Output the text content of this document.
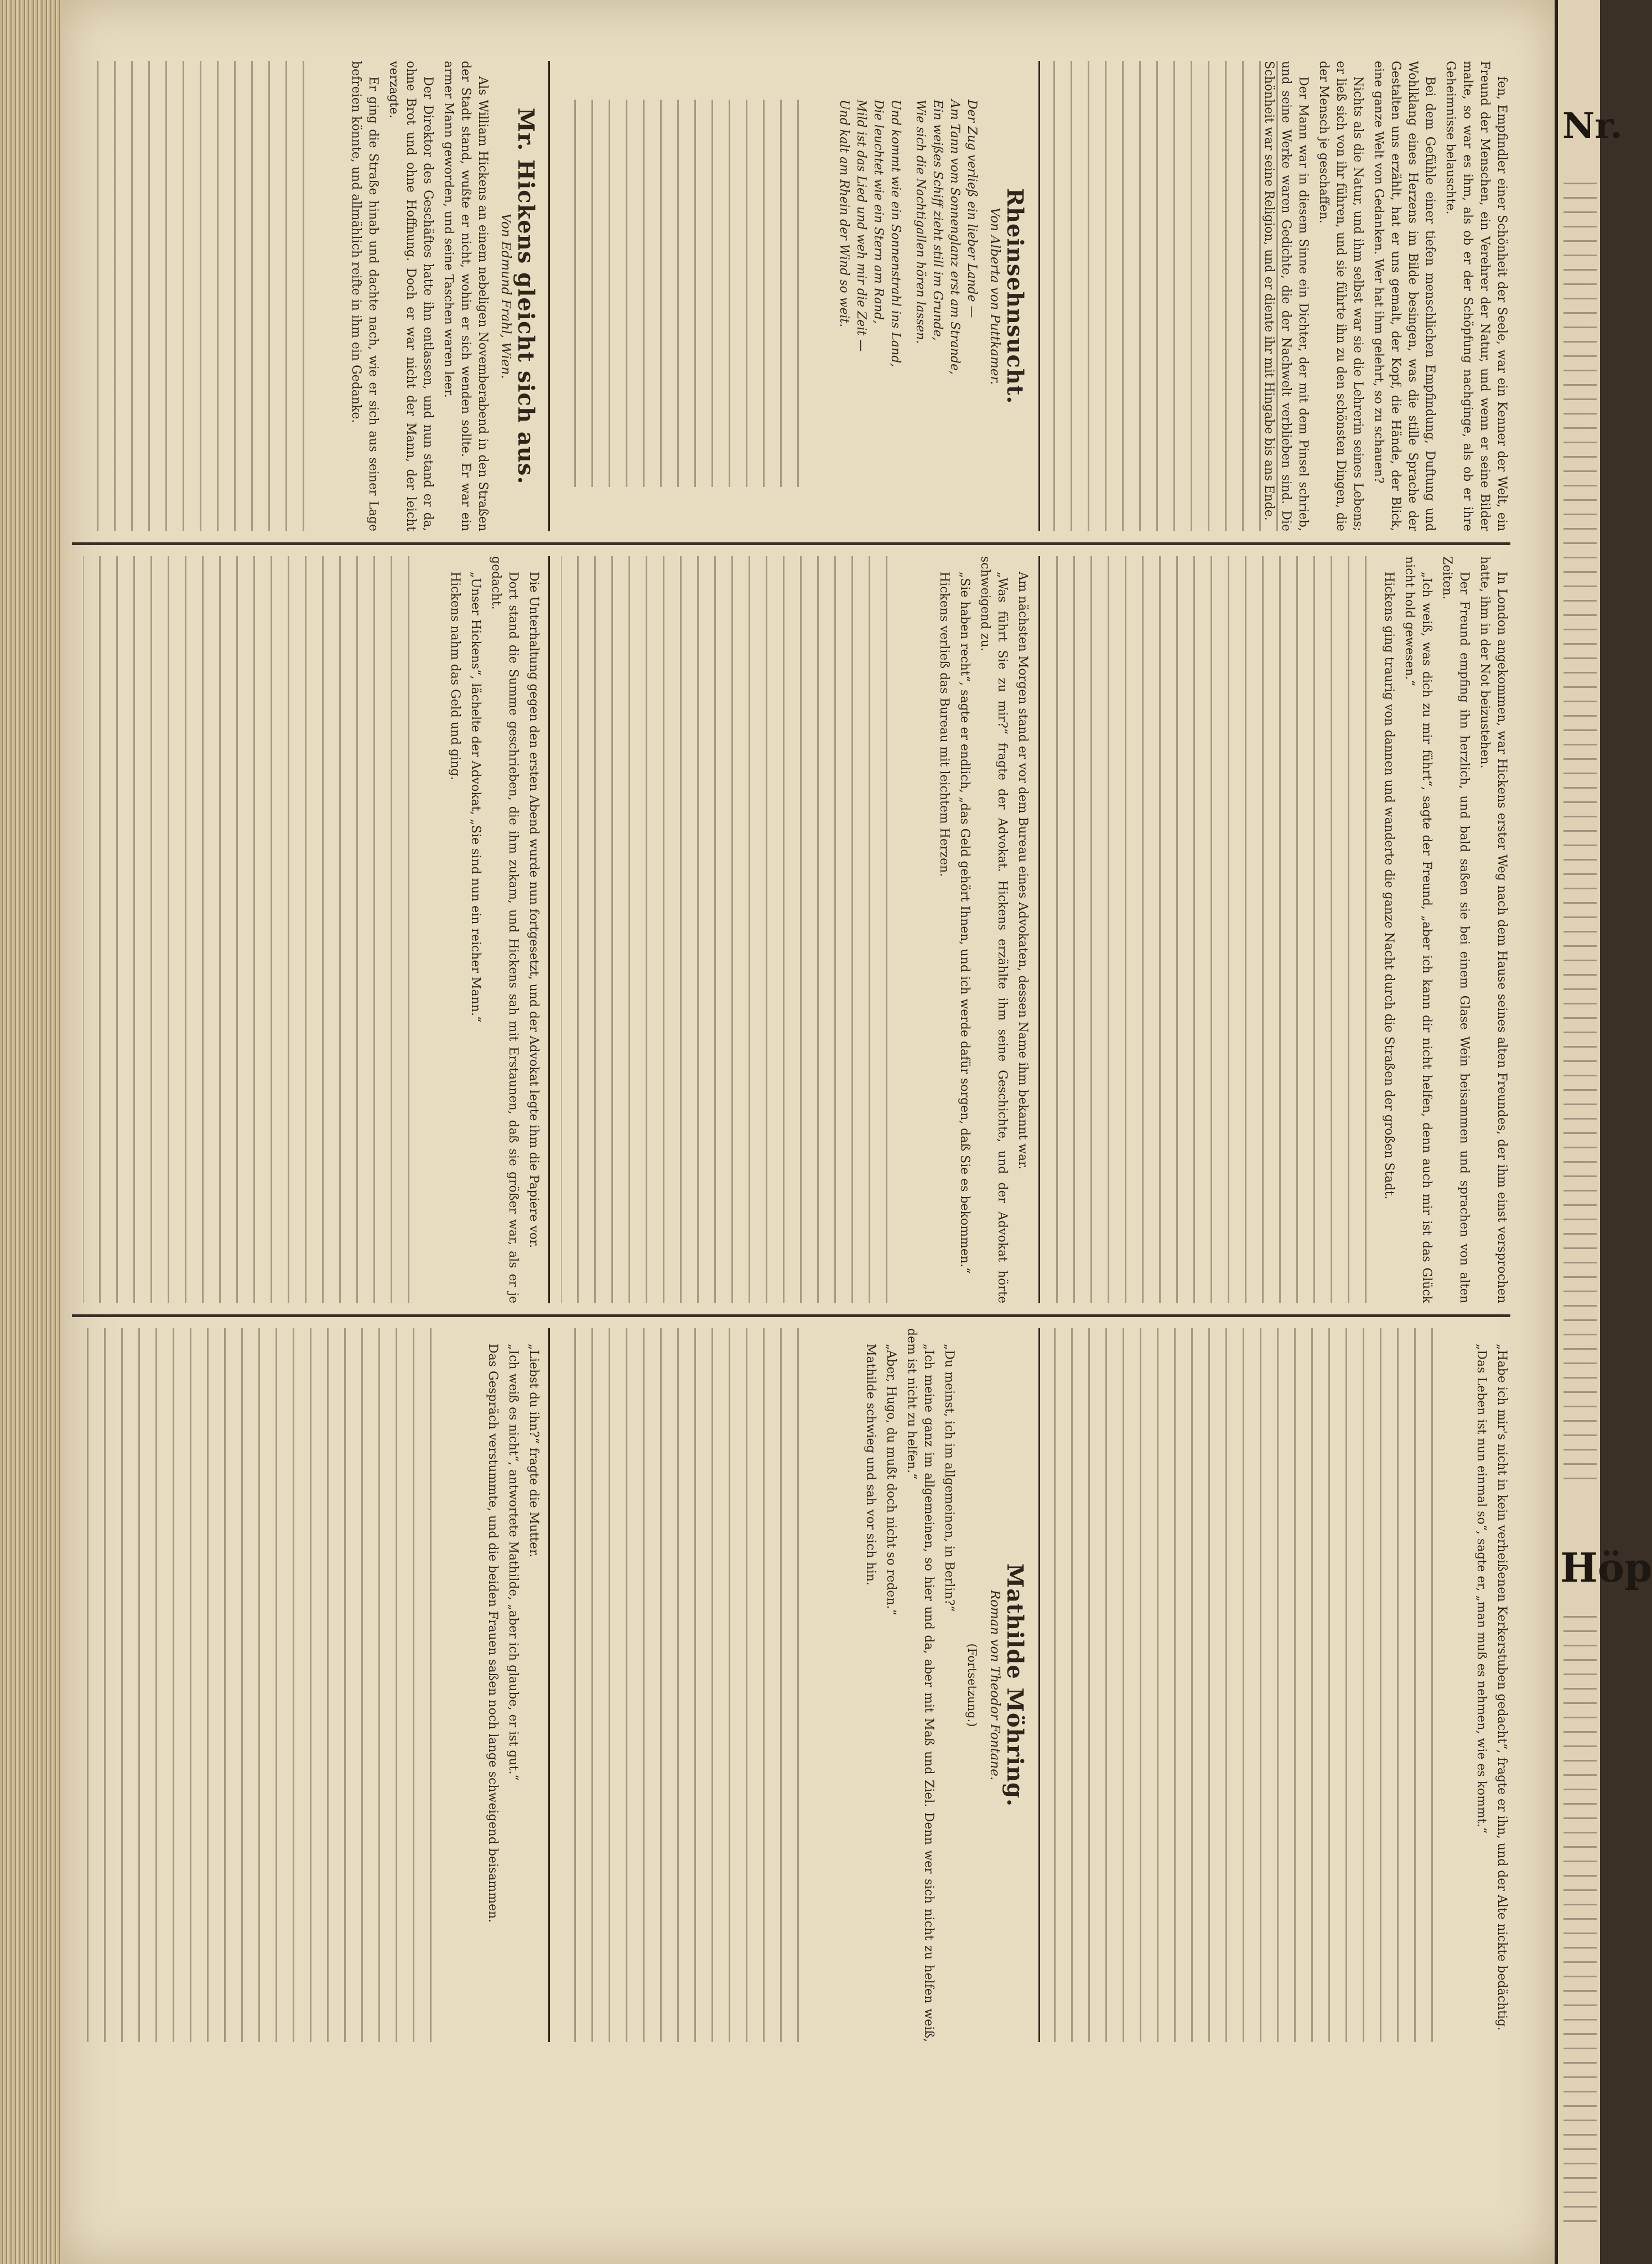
fen, Empfindler einer Schönheit der Seele, war ein Kenner der Welt, ein Freund der Menschen, ein Verehrer der Natur, und wenn er seine Bilder malte, so war es ihm, als ob er der Schöpfung nachginge, als ob er ihre Geheimnisse belauschte.

Bei dem Gefühle einer tiefen menschlichen Empfindung, Duftung und Wohlklang eines Herzens im Bilde besingen, was die stille Sprache der Gestalten uns erzählt, hat er uns gemalt, der Kopf, die Hände, der Blick, eine ganze Welt von Gedanken. Wer hat ihm gelehrt, so zu schauen?

Nichts als die Natur, und ihm selbst war sie die Lehrerin seines Lebens; er ließ sich von ihr führen, und sie führte ihn zu den schönsten Dingen, die der Mensch je geschaffen.

Der Mann war in diesem Sinne ein Dichter, der mit dem Pinsel schrieb, und seine Werke waren Gedichte, die der Nachwelt verblieben sind. Die Schönheit war seine Religion, und er diente ihr mit Hingabe bis ans Ende.

Rheinsehnsucht.
Von Alberta von Puttkamer.

Der Zug verließ ein lieber Lande —

Am Tann vom Sonnenglanz erst am Strande,

Ein weißes Schiff zieht still im Grunde,

Wie sich die Nachtigallen hören lassen.

Und kommt wie ein Sonnenstrahl ins Land,

Die leuchtet wie ein Stern am Rand,

Mild ist das Lied und weh mir die Zeit —

Und kalt am Rhein der Wind so weit.

Mr. Hickens gleicht sich aus.
Von Edmund Frahl, Wien.

Als William Hickens an einem nebeligen Novemberabend in den Straßen der Stadt stand, wußte er nicht, wohin er sich wenden sollte. Er war ein armer Mann geworden, und seine Taschen waren leer.

Der Direktor des Geschäftes hatte ihn entlassen, und nun stand er da, ohne Brot und ohne Hoffnung. Doch er war nicht der Mann, der leicht verzagte.

Er ging die Straße hinab und dachte nach, wie er sich aus seiner Lage befreien könnte, und allmählich reifte in ihm ein Gedanke.

In London angekommen, war Hickens erster Weg nach dem Hause seines alten Freundes, der ihm einst versprochen hatte, ihm in der Not beizustehen.

Der Freund empfing ihn herzlich, und bald saßen sie bei einem Glase Wein beisammen und sprachen von alten Zeiten.

„Ich weiß, was dich zu mir führt“, sagte der Freund, „aber ich kann dir nicht helfen, denn auch mir ist das Glück nicht hold gewesen.“

Hickens ging traurig von dannen und wanderte die ganze Nacht durch die Straßen der großen Stadt.

Am nächsten Morgen stand er vor dem Bureau eines Advokaten, dessen Name ihm bekannt war.

„Was führt Sie zu mir?“ fragte der Advokat. Hickens erzählte ihm seine Geschichte, und der Advokat hörte schweigend zu.

„Sie haben recht“, sagte er endlich, „das Geld gehört Ihnen, und ich werde dafür sorgen, daß Sie es bekommen.“

Hickens verließ das Bureau mit leichtem Herzen.

Die Unterhaltung gegen den ersten Abend wurde nun fortgesetzt, und der Advokat legte ihm die Papiere vor.

Dort stand die Summe geschrieben, die ihm zukam, und Hickens sah mit Erstaunen, daß sie größer war, als er je gedacht.

„Unser Hickens“, lächelte der Advokat, „Sie sind nun ein reicher Mann.“

Hickens nahm das Geld und ging.

„Habe ich mir's nicht in kein verheißenen Kerkerstuben gedacht“, fragte er ihn, und der Alte nickte bedächtig.

„Das Leben ist nun einmal so“, sagte er, „man muß es nehmen, wie es kommt.“

Mathilde Möhring.
Roman von Theodor Fontane.
(Fortsetzung.)

„Du meinst, ich im allgemeinen, in Berlin?“

„Ich meine ganz im allgemeinen, so hier und da, aber mit Maß und Ziel. Denn wer sich nicht zu helfen weiß, dem ist nicht zu helfen.“

„Aber, Hugo, du mußt doch nicht so reden.“

Mathilde schwieg und sah vor sich hin.

„Liebst du ihn?“ fragte die Mutter.

„Ich weiß es nicht“, antwortete Mathilde, „aber ich glaube, er ist gut.“

Das Gespräch verstummte, und die beiden Frauen saßen noch lange schweigend beisammen.

Nr.
Höp
